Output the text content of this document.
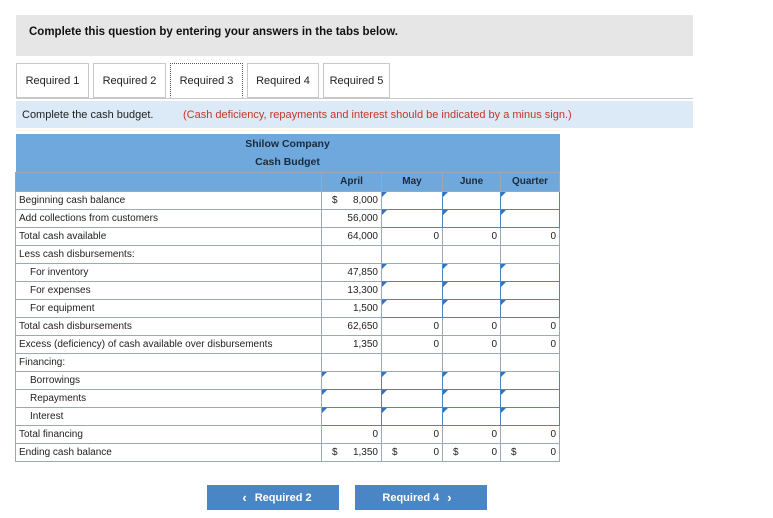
Complete this question by entering your answers in the tabs below.
Required 1	Required 2	Required 3	Required 4	Required 5
Complete the cash budget.	(Cash deficiency, repayments and interest should be indicated by a minus sign.)
Shilow Company				
Cash Budget				
	April	May	June	Quarter
Beginning cash balance	$ 8,000			
Add collections from customers	56,000			
Total cash available	64,000	0	0	0
Less cash disbursements:				
For inventory	47,850			
For expenses	13,300			
For equipment	1,500			
Total cash disbursements	62,650	0	0	0
Excess (deficiency) of cash available over disbursements	1,350	0	0	0
Financing:				
Borrowings				
Repayments				
Interest				
Total financing	0	0	0	0
Ending cash balance	$ 1,350	$ 0	$ 0	$ 0
‹ Required 2	Required 4 ›
